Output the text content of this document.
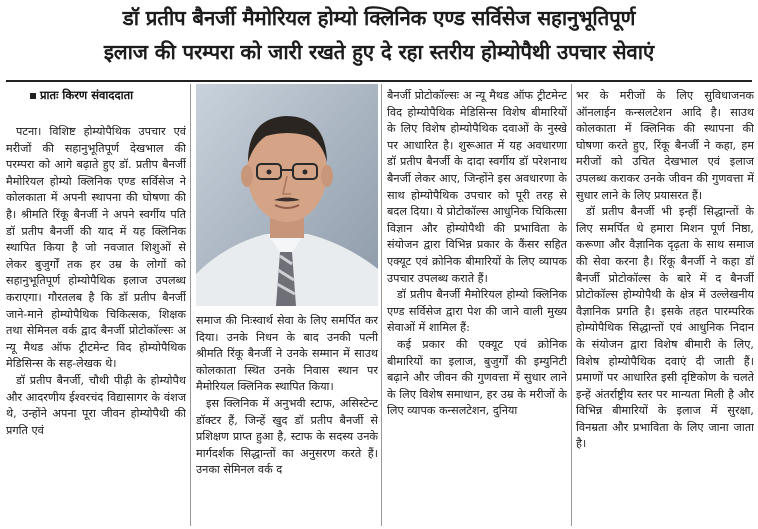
डॉ प्रतीप बैनर्जी मैमोरियल होम्यो क्लिनिक एण्ड सर्विसेज सहानुभूतिपूर्ण
इलाज की परम्परा को जारी रखते हुए दे रहा स्तरीय होम्योपैथी उपचार सेवाएं
प्रातः किरण संवाददाता

पटना। विशिष्ट होम्योपैथिक उपचार एवं मरीजों की सहानुभूतिपूर्ण देखभाल की परम्परा को आगे बढ़ाते हुए डॉ. प्रतीप बैनर्जी मैमोरियल होम्यो क्लिनिक एण्ड सर्विसेज ने कोलकाता में अपनी स्थापना की घोषणा की है। श्रीमति रिंकू बैनर्जी ने अपने स्वर्गीय पति डॉ प्रतीप बैनर्जी की याद में यह क्लिनिक स्थापित किया है जो नवजात शिशुओं से लेकर बुजुर्गों तक हर उम्र के लोगों को सहानुभूतिपूर्ण होम्योपैथिक इलाज उपलब्ध कराएगा। गौरतलब है कि डॉ प्रतीप बैनर्जी जाने-माने होम्योपैथिक चिकित्सक, शिक्षक तथा सेमिनल वर्क द्वाद बैनर्जी प्रोटोकॉल्सः अ न्यू मैथड ऑफ ट्रीटमेन्ट विद होम्योपैथिक मेडिसिन्स के सह-लेखक थे।

डॉ प्रतीप बैनर्जी, चौथी पीढ़ी के होम्योपैथ और आदरणीय ईश्वरचंद विद्यासागर के वंशज थे, उन्होंने अपना पूरा जीवन होम्योपैथी की प्रगति एवं

समाज की निःस्वार्थ सेवा के लिए समर्पित कर दिया। उनके निधन के बाद उनकी पत्नी श्रीमति रिंकू बैनर्जी ने उनके सम्मान में साउथ कोलकाता स्थित उनके निवास स्थान पर मैमोरियल क्लिनिक स्थापित किया।

इस क्लिनिक में अनुभवी स्टाफ, असिस्टेन्ट डॉक्टर हैं, जिन्हें खुद डॉ प्रतीप बैनर्जी से प्रशिक्षण प्राप्त हुआ है, स्टाफ के सदस्य उनके मार्गदर्शक सिद्धान्तों का अनुसरण करते हैं। उनका सेमिनल वर्क द

बैनर्जी प्रोटोकॉल्सः अ न्यू मैथड ऑफ ट्रीटमेन्ट विद होम्योपैथिक मेडिसिन्स विशेष बीमारियों के लिए विशेष होम्योपैथिक दवाओं के नुस्खे पर आधारित है। शुरूआत में यह अवधारणा डॉ प्रतीप बैनर्जी के दादा स्वर्गीय डॉ परेशनाथ बैनर्जी लेकर आए, जिन्होंने इस अवधारणा के साथ होम्योपैथिक उपचार को पूरी तरह से बदल दिया। ये प्रोटोकॉल्स आधुनिक चिकित्सा विज्ञान और होम्योपैथी की प्रभाविता के संयोजन द्वारा विभिन्न प्रकार के कैंसर सहित एक्यूट एवं क्रोनिक बीमारियों के लिए व्यापक उपचार उपलब्ध कराते हैं।

डॉ प्रतीप बैनर्जी मैमोरियल होम्यो क्लिनिक एण्ड सर्विसेज द्वारा पेश की जाने वाली मुख्य सेवाओं में शामिल हैं:

कई प्रकार की एक्यूट एवं क्रोनिक बीमारियों का इलाज, बुजुर्गों की इम्युनिटी बढ़ाने और जीवन की गुणवत्ता में सुधार लाने के लिए विशेष समाधान, हर उम्र के मरीजों के लिए व्यापक कन्सलटेशन, दुनिया

भर के मरीजों के लिए सुविधाजनक ऑनलाईन कन्सलटेशन आदि है। साउथ कोलकाता में क्लिनिक की स्थापना की घोषणा करते हुए, रिंकू बैनर्जी ने कहा, हम मरीजों को उचित देखभाल एवं इलाज उपलब्ध कराकर उनके जीवन की गुणवत्ता में सुधार लाने के लिए प्रयासरत हैं।

डॉ प्रतीप बैनर्जी भी इन्हीं सिद्धान्तों के लिए समर्पित थे हमारा मिशन पूर्ण निष्ठा, करूणा और वैज्ञानिक दृढ़ता के साथ समाज की सेवा करना है। रिंकू बैनर्जी ने कहा डॉ बैनर्जी प्रोटोकॉल्स के बारे में द बैनर्जी प्रोटोकॉल्स होम्योपैथी के क्षेत्र में उल्लेखनीय वैज्ञानिक प्रगति है। इसके तहत पारम्परिक होम्योपैथिक सिद्धान्तों एवं आधुनिक निदान के संयोजन द्वारा विशेष बीमारी के लिए, विशेष होम्योपैथिक दवाएं दी जाती हैं। प्रमाणों पर आधारित इसी दृष्टिकोण के चलते इन्हें अंतर्राष्ट्रीय स्तर पर मान्यता मिली है और विभिन्न बीमारियों के इलाज में सुरक्षा, विनम्रता और प्रभाविता के लिए जाना जाता है।
